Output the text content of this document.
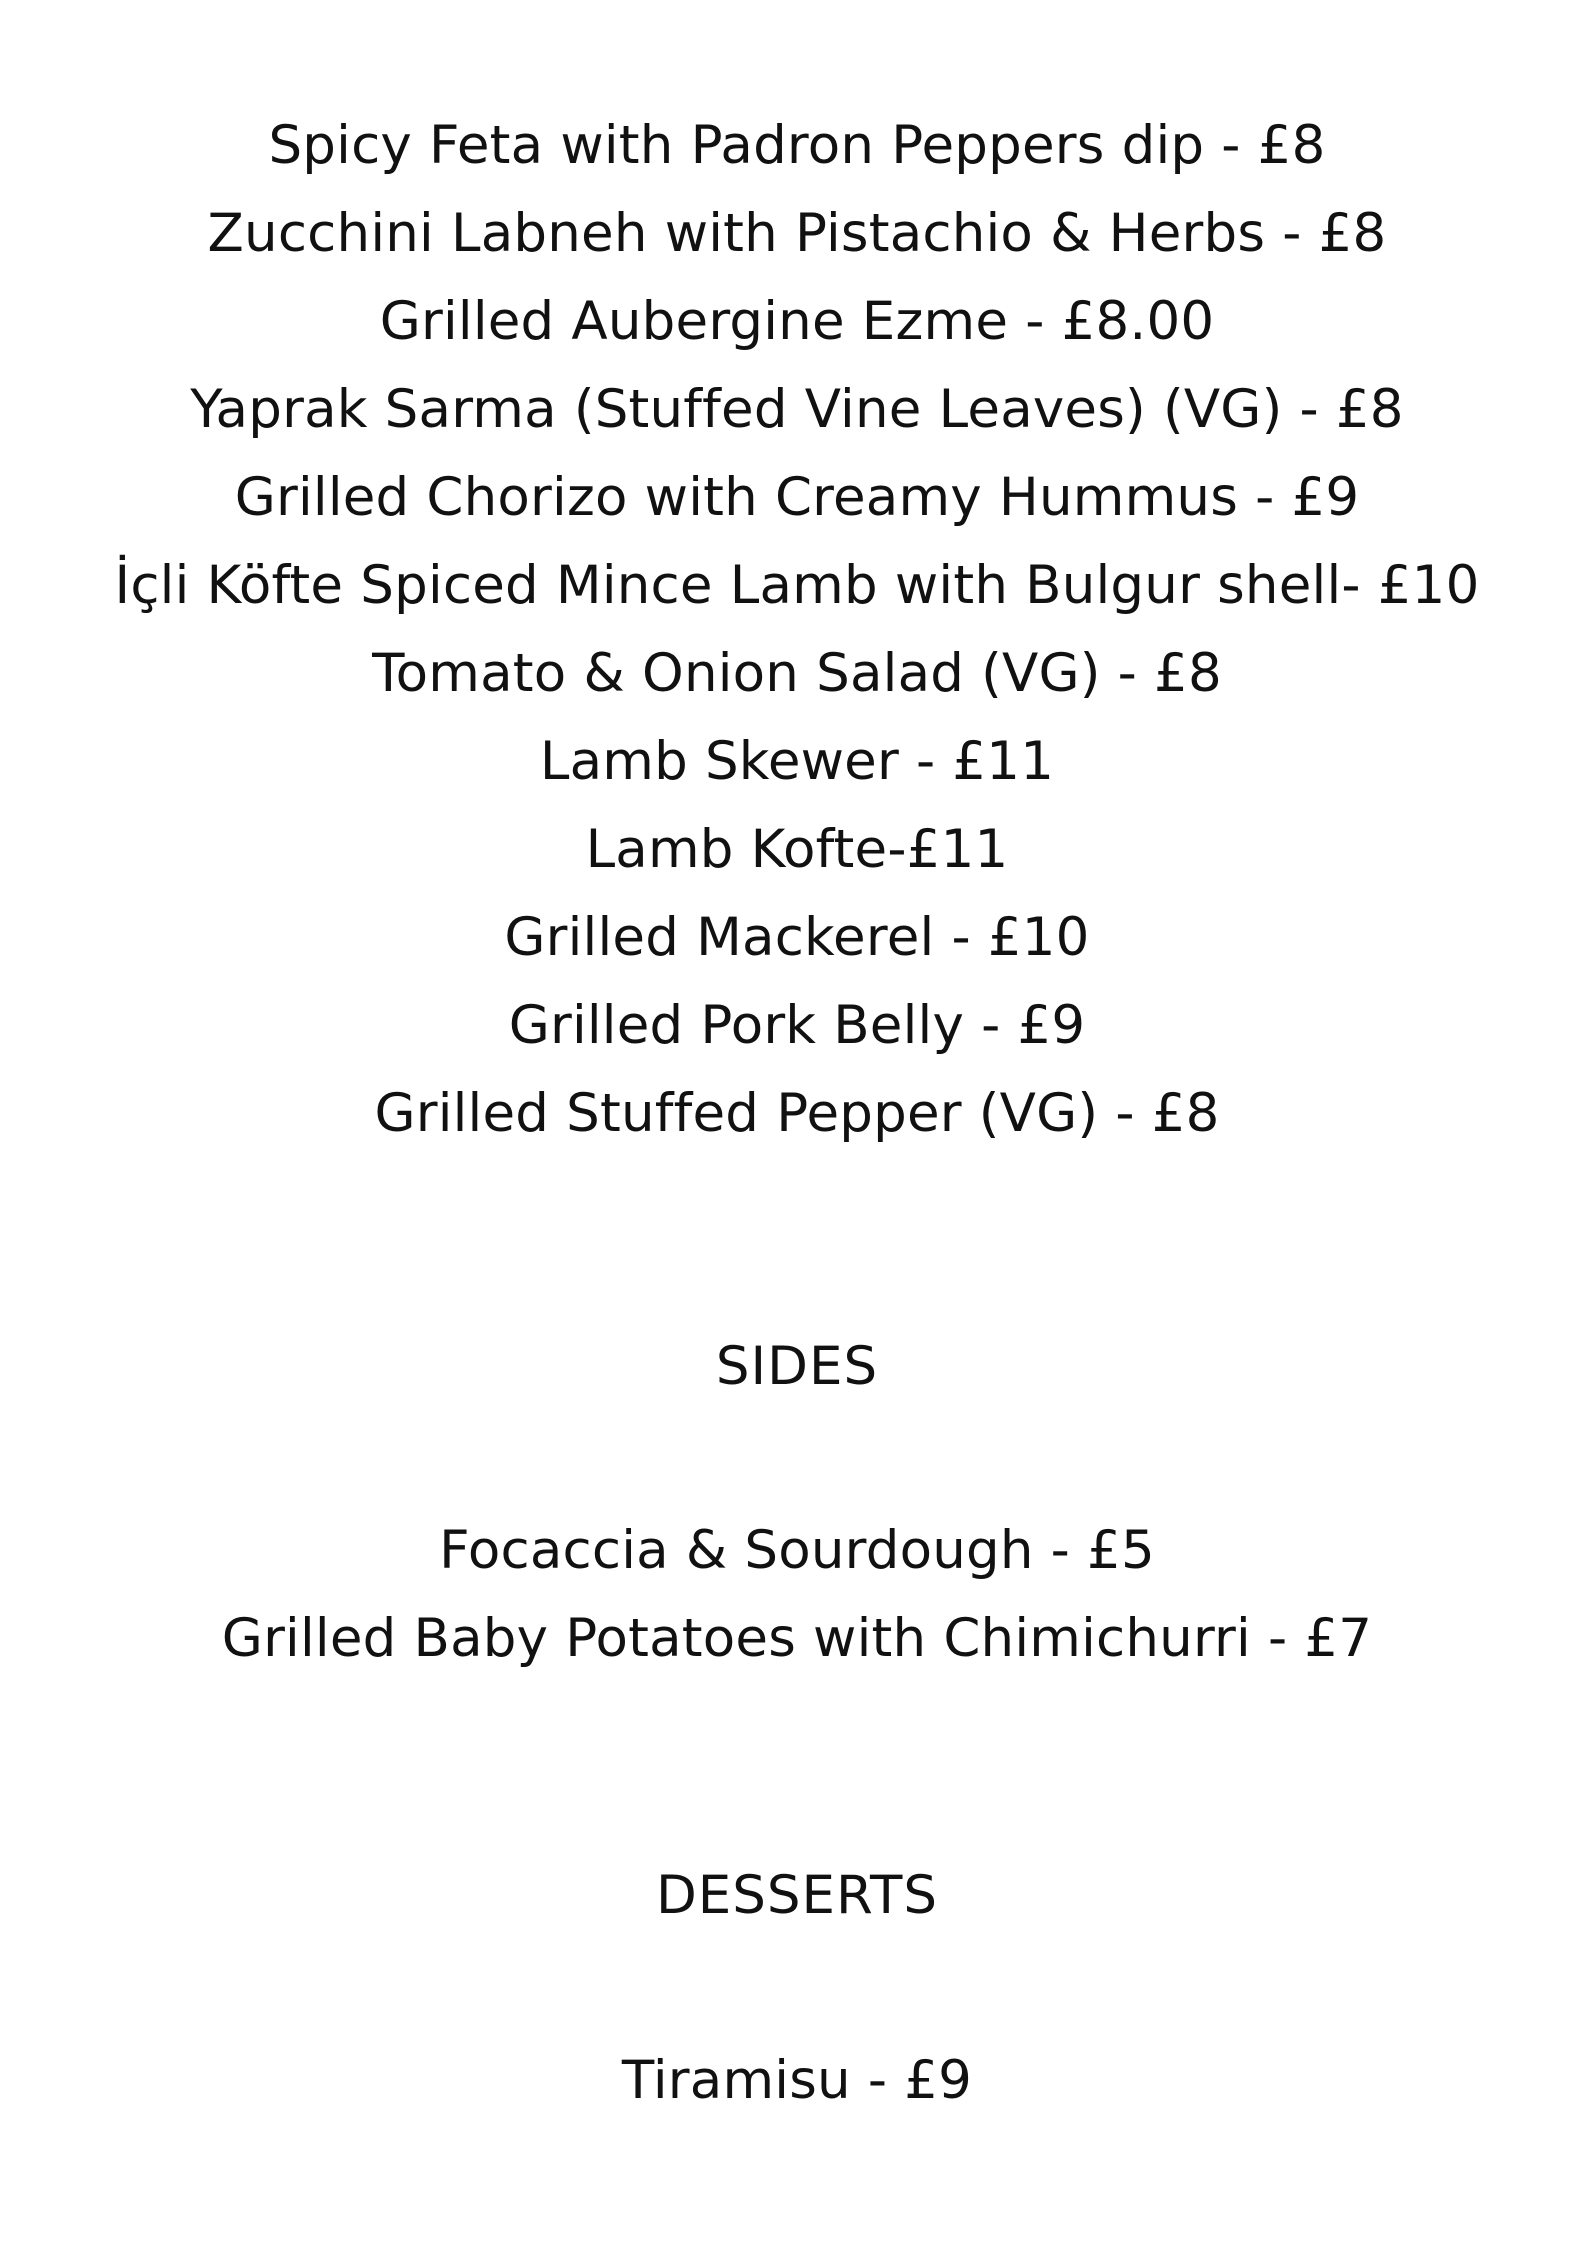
Spicy Feta with Padron Peppers dip - £8
Zucchini Labneh with Pistachio & Herbs - £8
Grilled Aubergine Ezme - £8.00
Yaprak Sarma (Stuffed Vine Leaves) (VG) - £8
Grilled Chorizo with Creamy Hummus - £9
İçli Köfte Spiced Mince Lamb with Bulgur shell- £10
Tomato & Onion Salad (VG) - £8
Lamb Skewer - £11
Lamb Kofte-£11
Grilled Mackerel - £10
Grilled Pork Belly - £9
Grilled Stuffed Pepper (VG) - £8
SIDES
Focaccia & Sourdough - £5
Grilled Baby Potatoes with Chimichurri - £7
DESSERTS
Tiramisu - £9
